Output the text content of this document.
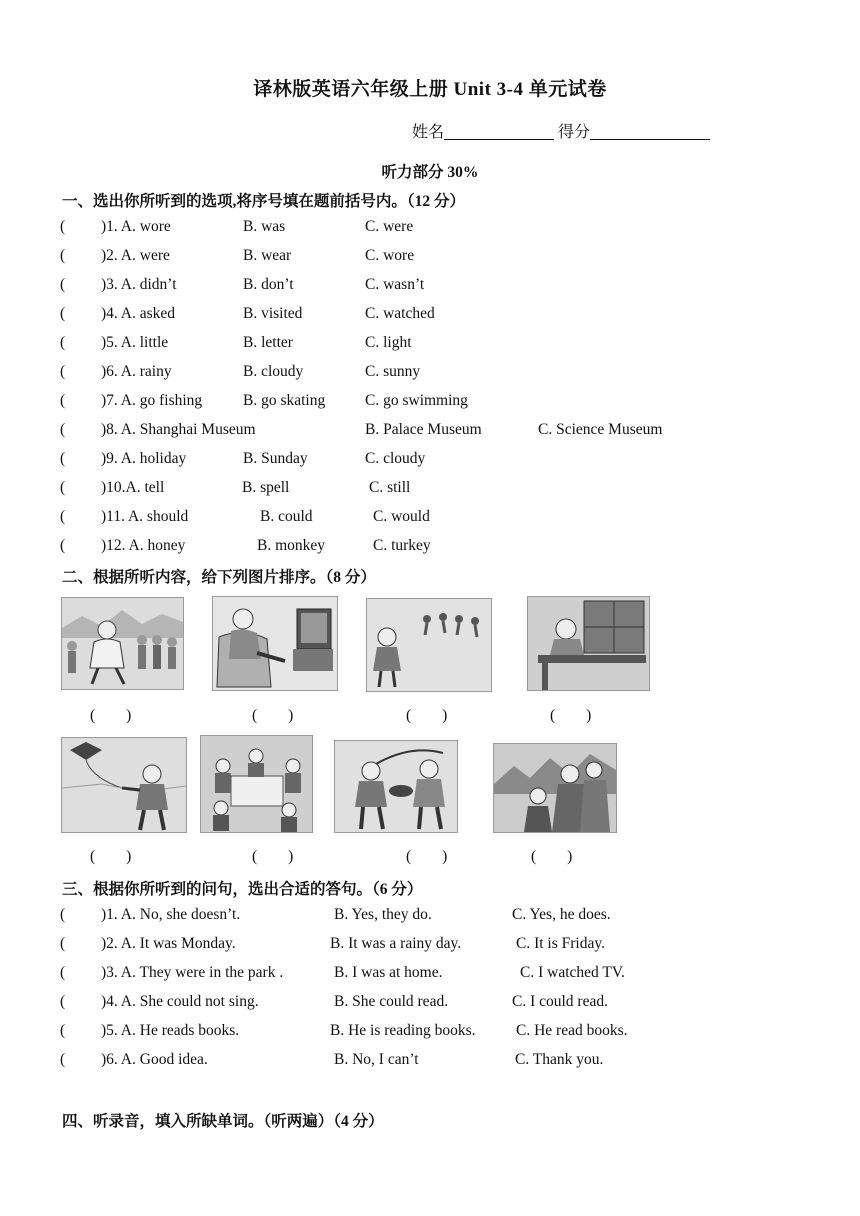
译林版英语六年级上册 Unit 3-4 单元试卷
姓名	得分
听力部分 30%
一、选出你所听到的选项,将序号填在题前括号内。（12 分）
( )1. A. wore	B. was	C. were
( )2. A. were	B. wear	C. wore
( )3. A. didn’t	B. don’t	C. wasn’t
( )4. A. asked	B. visited	C. watched
( )5. A. little	B. letter	C. light
( )6. A. rainy	B. cloudy	C. sunny
( )7. A. go fishing	B. go skating	C. go swimming
( )8. A. Shanghai Museum	B. Palace Museum	C. Science Museum
( )9. A. holiday	B. Sunday	C. cloudy
( )10.A. tell	B. spell	C. still
( )11. A. should	B. could	C. would
( )12. A. honey	B. monkey	C. turkey
二、根据所听内容，给下列图片排序。（8 分）
(        )	(        )	(        )	(        )
(        )	(        )	(        )	(        )
三、根据你所听到的问句，选出合适的答句。（6 分）
( )1. A. No, she doesn’t.	B. Yes, they do.	C. Yes, he does.
( )2. A. It was Monday.	B. It was a rainy day.	C. It is Friday.
( )3. A. They were in the park .	B. I was at home.	C. I watched TV.
( )4. A. She could not sing.	B. She could read.	C. I could read.
( )5. A. He reads books.	B. He is reading books.	C. He read books.
( )6. A. Good idea.	B. No, I can’t	C. Thank you.
四、听录音，填入所缺单词。（听两遍）（4 分）
